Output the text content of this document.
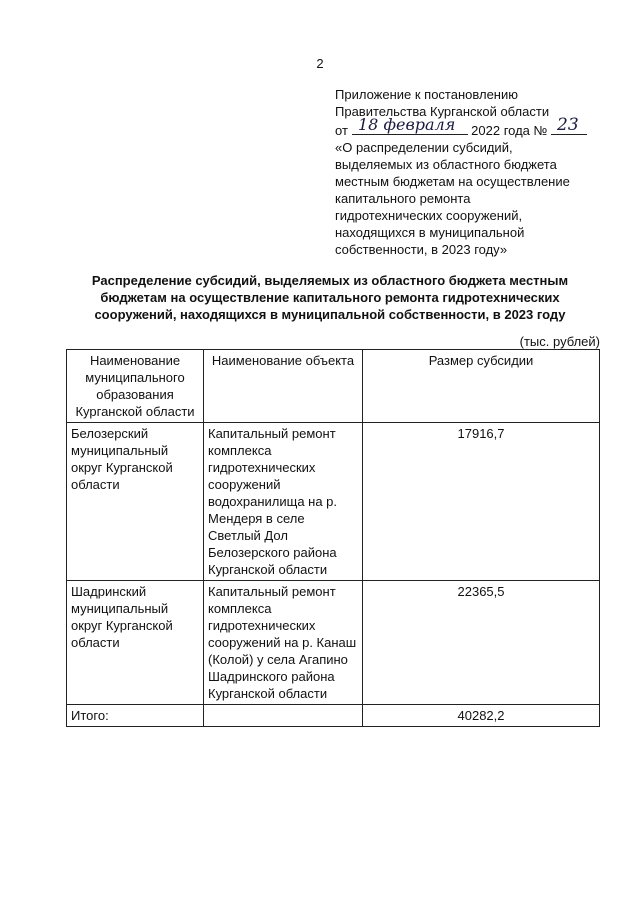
2
Приложение к постановлению
Правительства Курганской области
от 18 февраля 2022 года № 23
«О распределении субсидий,
выделяемых из областного бюджета
местным бюджетам на осуществление
капитального ремонта
гидротехнических сооружений,
находящихся в муниципальной
собственности, в 2023 году»
Распределение субсидий, выделяемых из областного бюджета местным
бюджетам на осуществление капитального ремонта гидротехнических
сооружений, находящихся в муниципальной собственности, в 2023 году
(тыс. рублей)
Наименование муниципального образования Курганской области	Наименование объекта	Размер субсидии
Белозерский муниципальный округ Курганской области	Капитальный ремонт комплекса гидротехнических сооружений водохранилища на р. Мендеря в селе Светлый Дол Белозерского района Курганской области	17916,7
Шадринский муниципальный округ Курганской области	Капитальный ремонт комплекса гидротехнических сооружений на р. Канаш (Колой) у села Агапино Шадринского района Курганской области	22365,5
Итого:		40282,2
